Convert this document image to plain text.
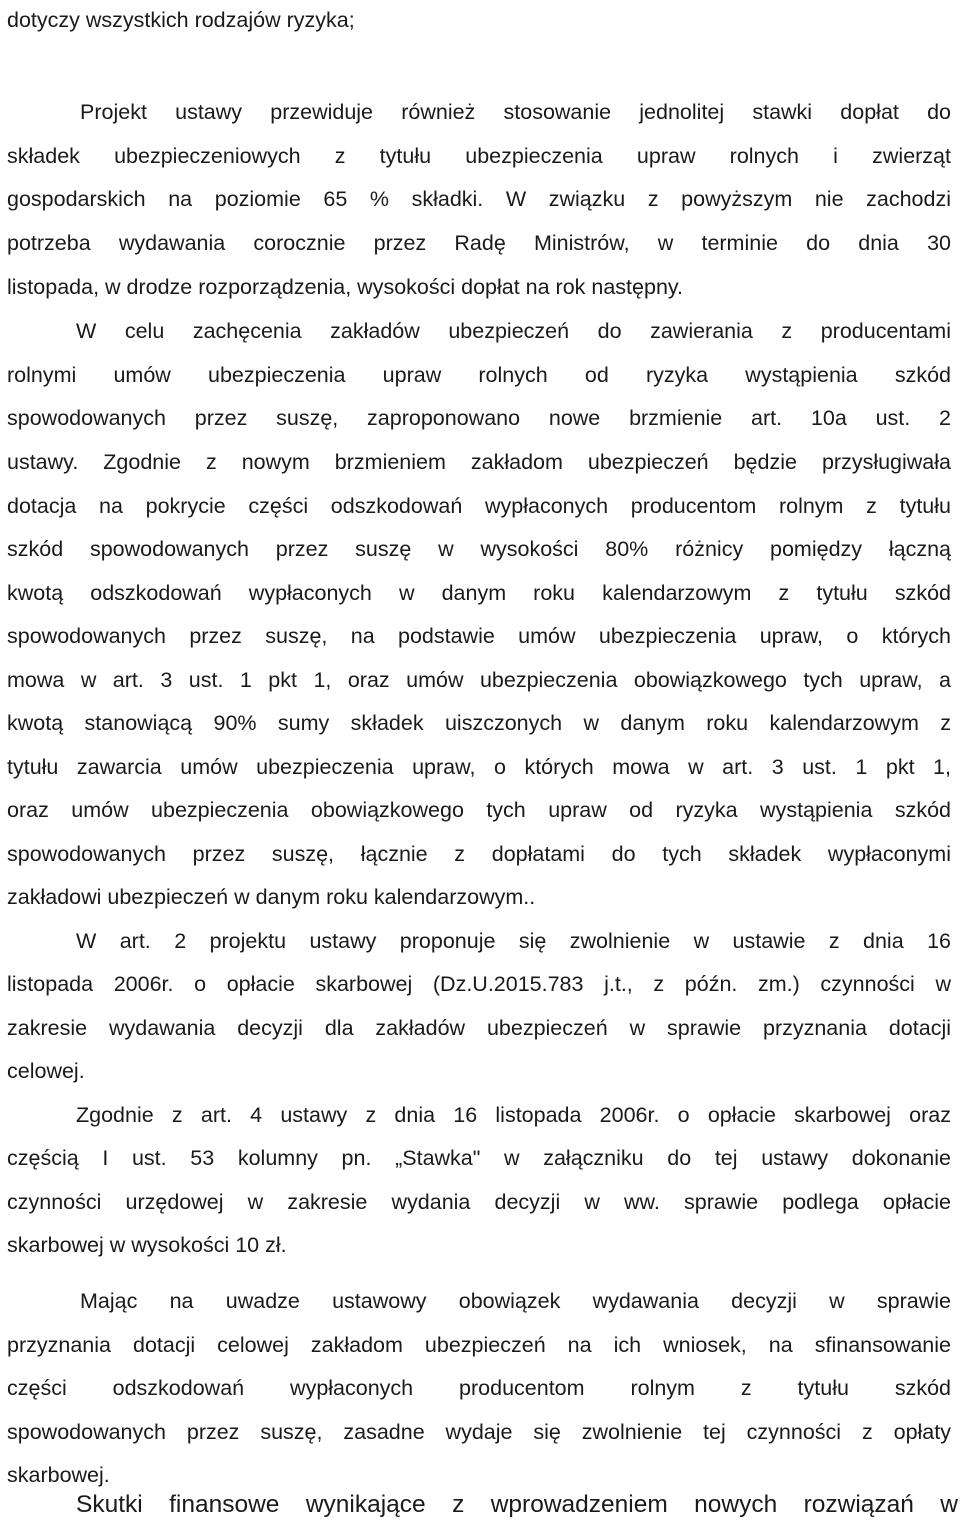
dotyczy wszystkich rodzajów ryzyka;
Projekt ustawy przewiduje również stosowanie jednolitej stawki dopłat do
składek ubezpieczeniowych z tytułu ubezpieczenia upraw rolnych i zwierząt
gospodarskich na poziomie 65 % składki. W związku z powyższym nie zachodzi
potrzeba wydawania corocznie przez Radę Ministrów, w terminie do dnia 30
listopada, w drodze rozporządzenia, wysokości dopłat na rok następny.
W celu zachęcenia zakładów ubezpieczeń do zawierania z producentami
rolnymi umów ubezpieczenia upraw rolnych od ryzyka wystąpienia szkód
spowodowanych przez suszę, zaproponowano nowe brzmienie art. 10a ust. 2
ustawy. Zgodnie z nowym brzmieniem zakładom ubezpieczeń będzie przysługiwała
dotacja na pokrycie części odszkodowań wypłaconych producentom rolnym z tytułu
szkód spowodowanych przez suszę w wysokości 80% różnicy pomiędzy łączną
kwotą odszkodowań wypłaconych w danym roku kalendarzowym z tytułu szkód
spowodowanych przez suszę, na podstawie umów ubezpieczenia upraw, o których
mowa w art. 3 ust. 1 pkt 1, oraz umów ubezpieczenia obowiązkowego tych upraw, a
kwotą stanowiącą 90% sumy składek uiszczonych w danym roku kalendarzowym z
tytułu zawarcia umów ubezpieczenia upraw, o których mowa w art. 3 ust. 1 pkt 1,
oraz umów ubezpieczenia obowiązkowego tych upraw od ryzyka wystąpienia szkód
spowodowanych przez suszę, łącznie z dopłatami do tych składek wypłaconymi
zakładowi ubezpieczeń w danym roku kalendarzowym..
W art. 2 projektu ustawy proponuje się zwolnienie w ustawie z dnia 16
listopada 2006r. o opłacie skarbowej (Dz.U.2015.783 j.t., z późn. zm.) czynności w
zakresie wydawania decyzji dla zakładów ubezpieczeń w sprawie przyznania dotacji
celowej.
Zgodnie z art. 4 ustawy z dnia 16 listopada 2006r. o opłacie skarbowej oraz
częścią I ust. 53 kolumny pn. „Stawka" w załączniku do tej ustawy dokonanie
czynności urzędowej w zakresie wydania decyzji w ww. sprawie podlega opłacie
skarbowej w wysokości 10 zł.
Mając na uwadze ustawowy obowiązek wydawania decyzji w sprawie
przyznania dotacji celowej zakładom ubezpieczeń na ich wniosek, na sfinansowanie
części odszkodowań wypłaconych producentom rolnym z tytułu szkód
spowodowanych przez suszę, zasadne wydaje się zwolnienie tej czynności z opłaty
skarbowej.
Skutki finansowe wynikające z wprowadzeniem nowych rozwiązań w
